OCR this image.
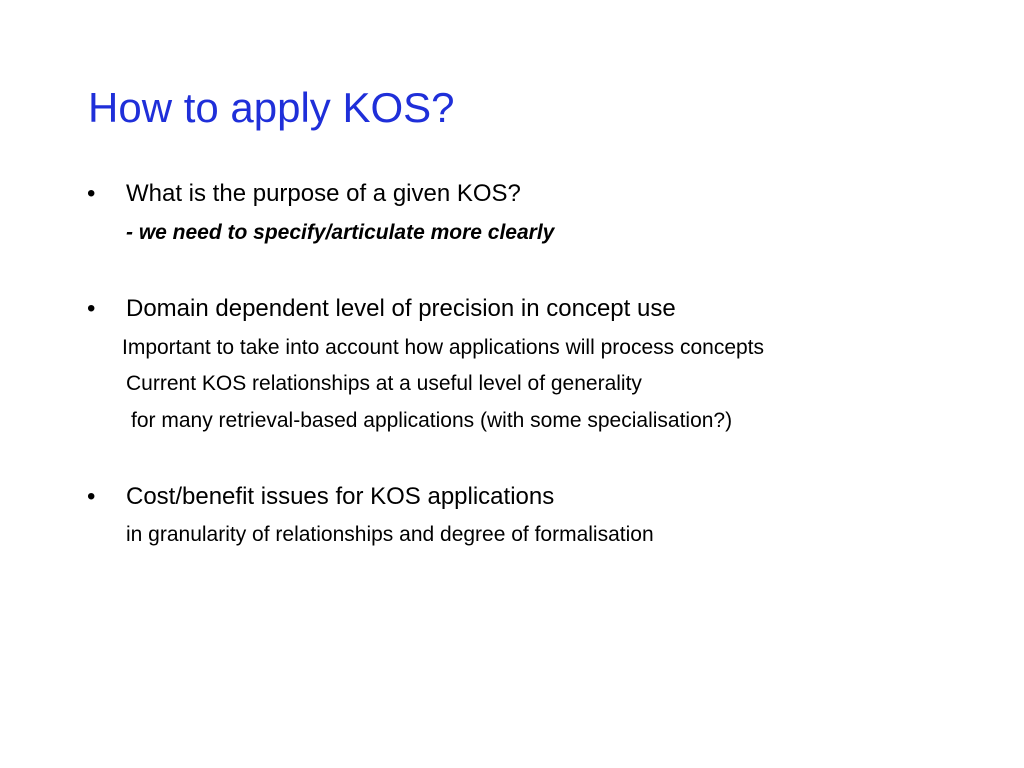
How to apply KOS?
• What is the purpose of a given KOS?
- we need to specify/articulate more clearly
• Domain dependent level of precision in concept use
Important to take into account how applications will process concepts
Current KOS relationships at a useful level of generality
for many retrieval-based applications (with some specialisation?)
• Cost/benefit issues for KOS applications
in granularity of relationships and degree of formalisation
